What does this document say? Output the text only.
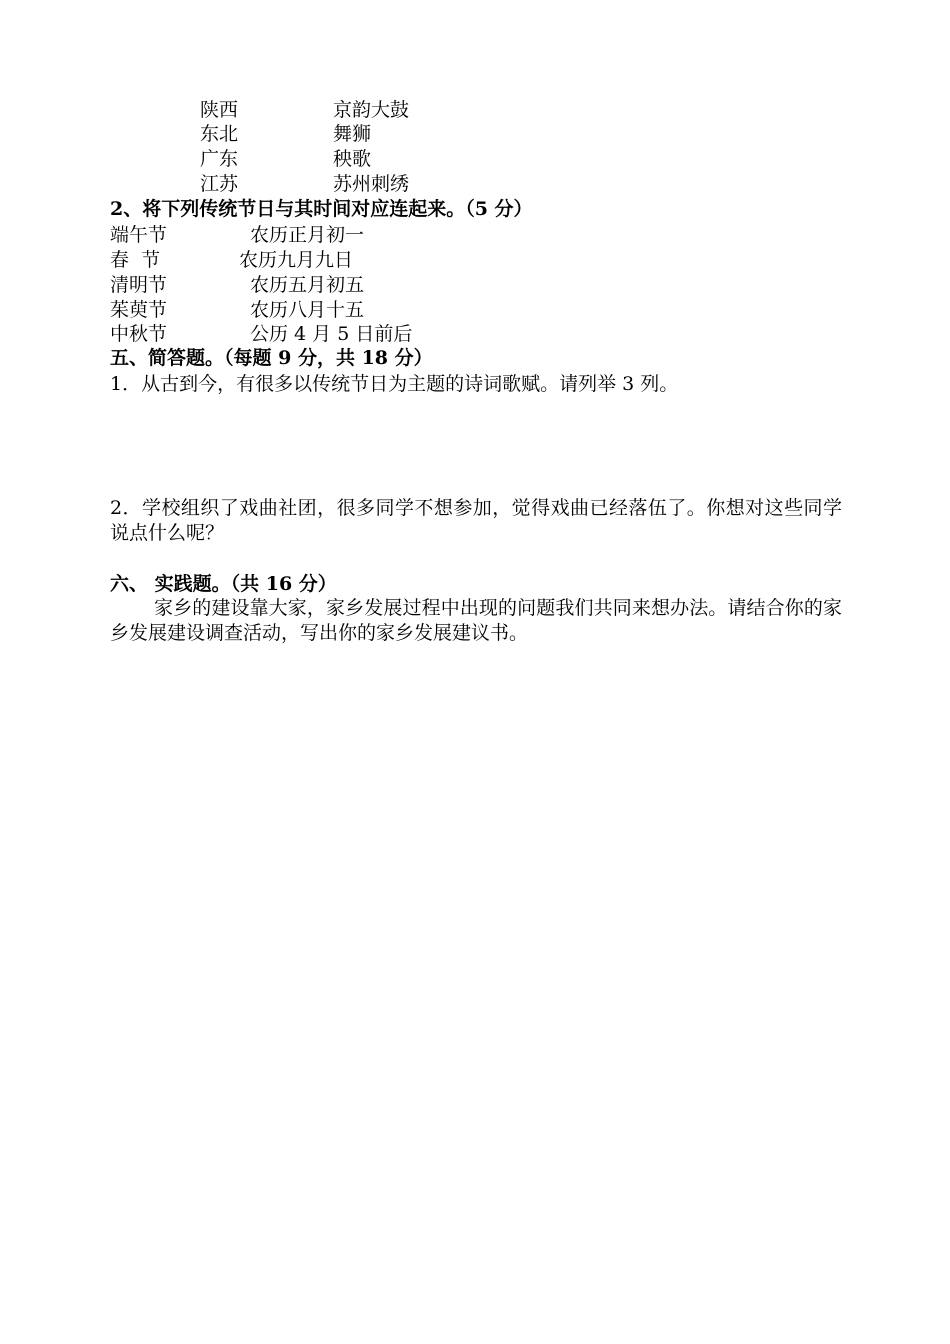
陕西	京韵大鼓
东北	舞狮
广东	秧歌
江苏	苏州刺绣
2、将下列传统节日与其时间对应连起来。（5 分）
端午节	农历正月初一
春  节	农历九月九日
清明节	农历五月初五
茱萸节	农历八月十五
中秋节	公历 4 月 5 日前后
五、简答题。（每题 9 分，共 18 分）
1．从古到今，有很多以传统节日为主题的诗词歌赋。请列举 3 列。
2．学校组织了戏曲社团，很多同学不想参加，觉得戏曲已经落伍了。你想对这些同学说点什么呢？
六、 实践题。（共 16 分）
家乡的建设靠大家，家乡发展过程中出现的问题我们共同来想办法。请结合你的家乡发展建设调查活动，写出你的家乡发展建议书。
